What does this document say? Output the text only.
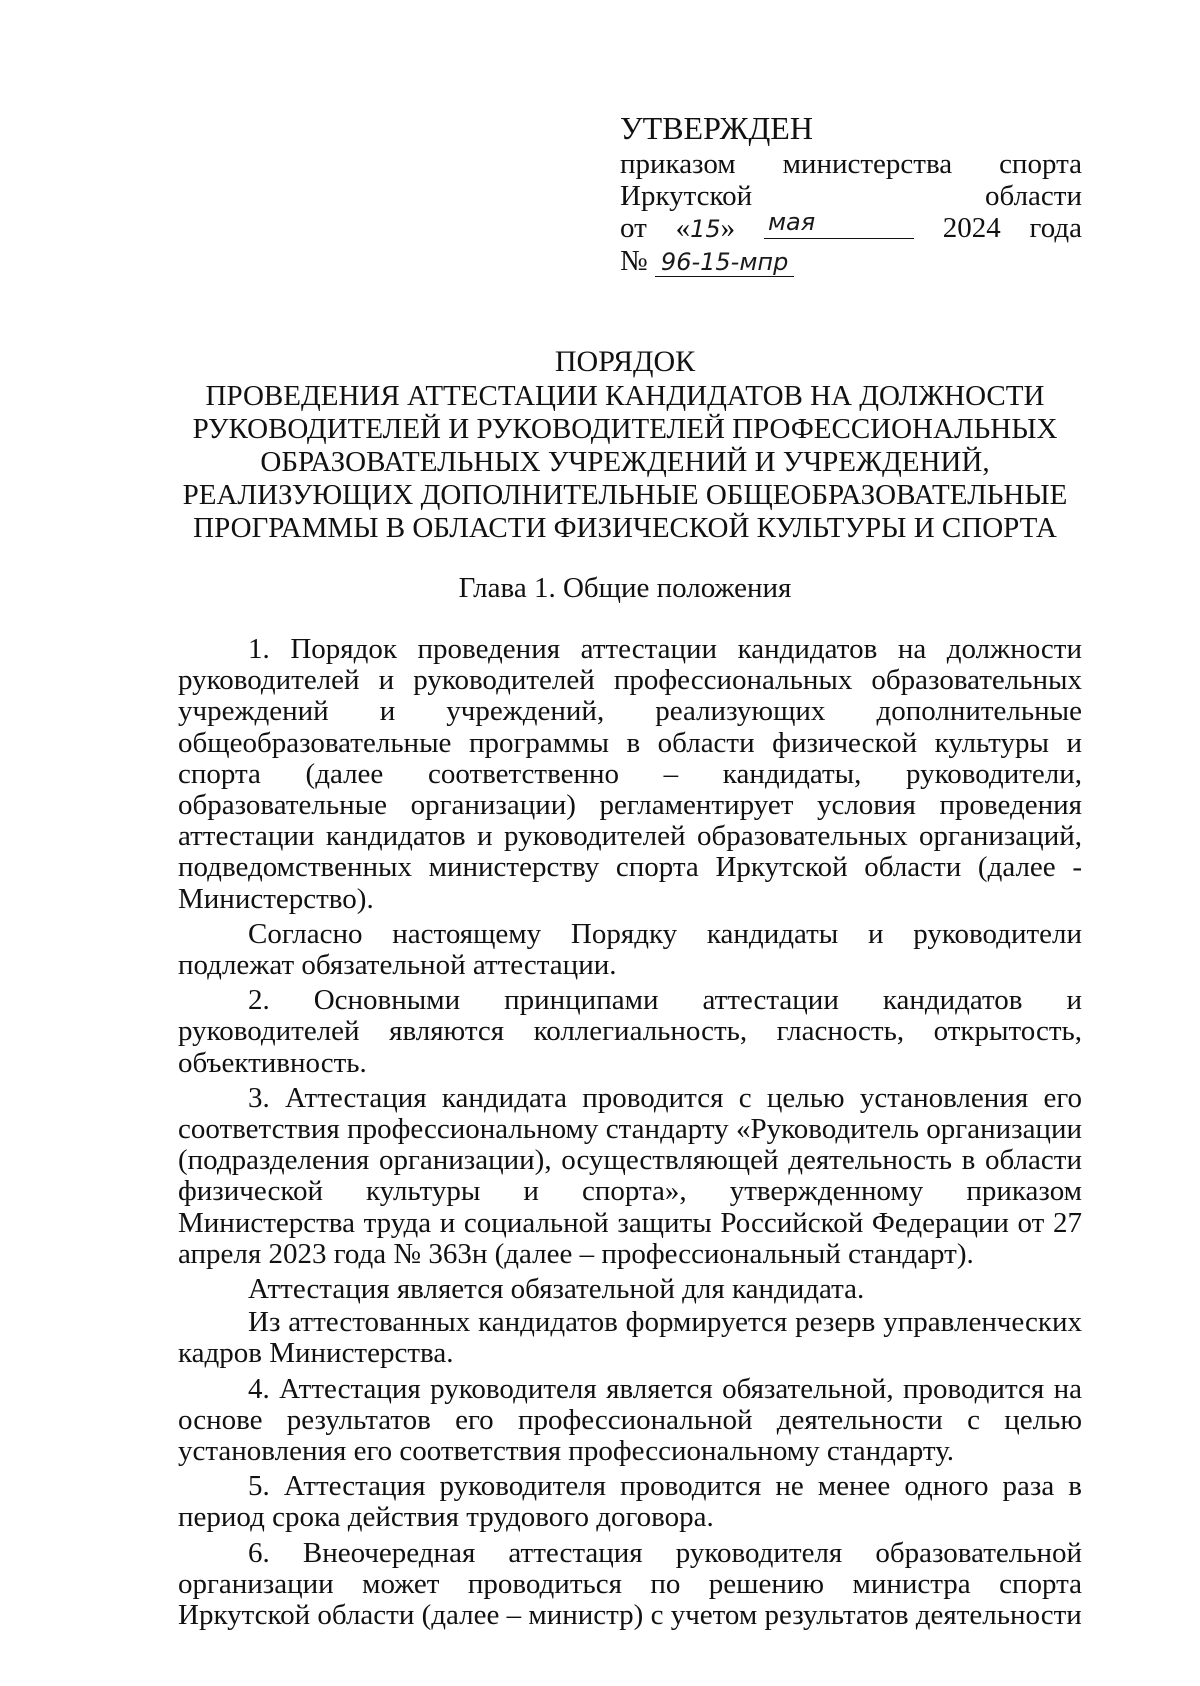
УТВЕРЖДЕН
приказом министерства спорта
Иркутской	области
от «15» мая	2024 года
№ 96-15-мпр
ПОРЯДОК
ПРОВЕДЕНИЯ АТТЕСТАЦИИ КАНДИДАТОВ НА ДОЛЖНОСТИ
РУКОВОДИТЕЛЕЙ И РУКОВОДИТЕЛЕЙ ПРОФЕССИОНАЛЬНЫХ
ОБРАЗОВАТЕЛЬНЫХ УЧРЕЖДЕНИЙ И УЧРЕЖДЕНИЙ,
РЕАЛИЗУЮЩИХ ДОПОЛНИТЕЛЬНЫЕ ОБЩЕОБРАЗОВАТЕЛЬНЫЕ
ПРОГРАММЫ В ОБЛАСТИ ФИЗИЧЕСКОЙ КУЛЬТУРЫ И СПОРТА
Глава 1. Общие положения

1. Порядок проведения аттестации кандидатов на должности руководителей и руководителей профессиональных образовательных учреждений и учреждений, реализующих дополнительные общеобразовательные программы в области физической культуры и спорта (далее соответственно – кандидаты, руководители, образовательные организации) регламентирует условия проведения аттестации кандидатов и руководителей образовательных организаций, подведомственных министерству спорта Иркутской области (далее - Министерство).

Согласно настоящему Порядку кандидаты и руководители подлежат обязательной аттестации.

2. Основными принципами аттестации кандидатов и руководителей являются коллегиальность, гласность, открытость, объективность.

3. Аттестация кандидата проводится с целью установления его соответствия профессиональному стандарту «Руководитель организации (подразделения организации), осуществляющей деятельность в области физической культуры и спорта», утвержденному приказом Министерства труда и социальной защиты Российской Федерации от 27 апреля 2023 года № 363н (далее – профессиональный стандарт).

Аттестация является обязательной для кандидата.

Из аттестованных кандидатов формируется резерв управленческих кадров Министерства.

4. Аттестация руководителя является обязательной, проводится на основе результатов его профессиональной деятельности с целью установления его соответствия профессиональному стандарту.

5. Аттестация руководителя проводится не менее одного раза в период срока действия трудового договора.

6. Внеочередная аттестация руководителя образовательной организации может проводиться по решению министра спорта Иркутской области (далее – министр) с учетом результатов деятельности
